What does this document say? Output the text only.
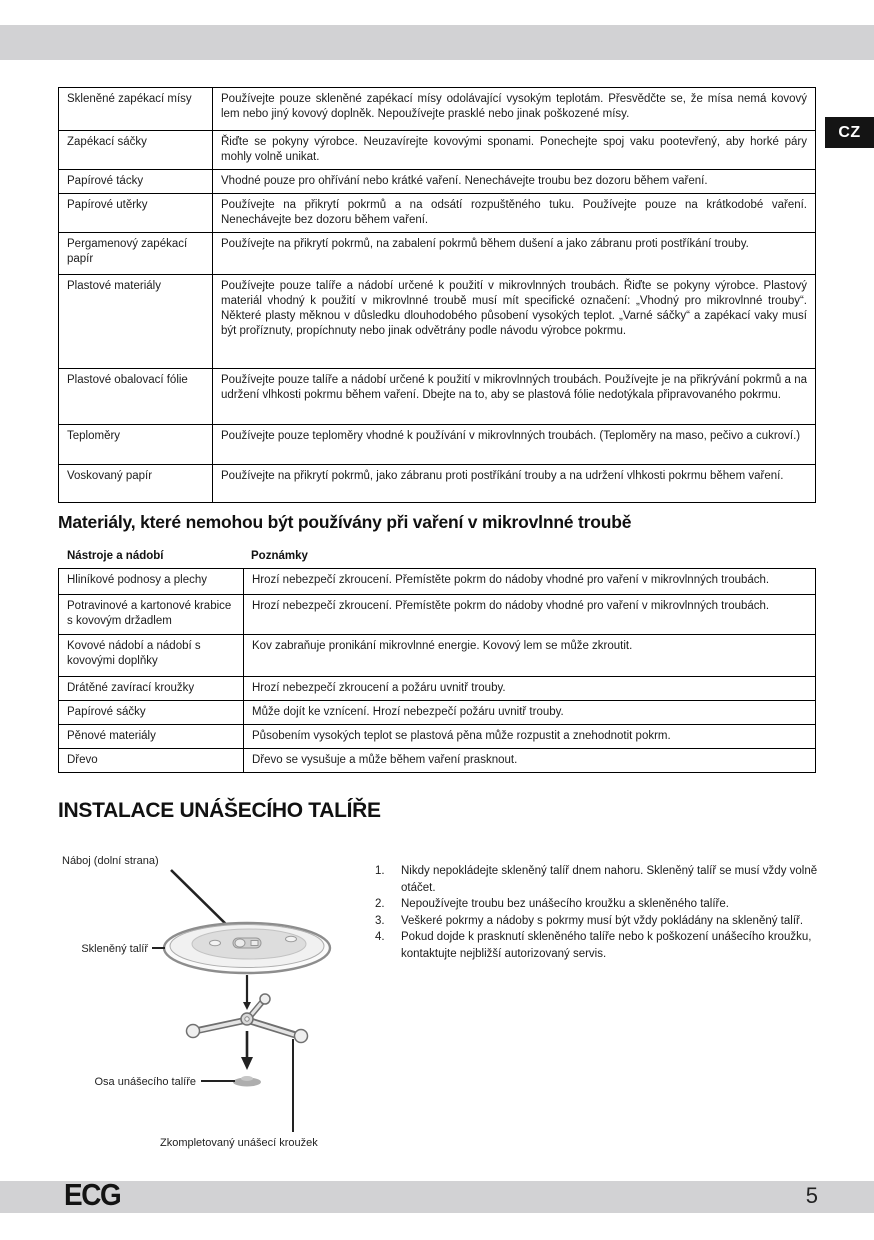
Skleněné zapékací mísy	Používejte pouze skleněné zapékací mísy odolávající vysokým teplotám. Přesvědčte se, že mísa nemá kovový lem nebo jiný kovový doplněk. Nepoužívejte prasklé nebo jinak poškozené mísy.
Zapékací sáčky	Řiďte se pokyny výrobce. Neuzavírejte kovovými sponami. Ponechejte spoj vaku pootevřený, aby horké páry mohly volně unikat.
Papírové tácky	Vhodné pouze pro ohřívání nebo krátké vaření. Nenechávejte troubu bez dozoru během vaření.
Papírové utěrky	Používejte na přikrytí pokrmů a na odsátí rozpuštěného tuku. Používejte pouze na krátkodobé vaření. Nenechávejte bez dozoru během vaření.
Pergamenový zapékací papír	Používejte na přikrytí pokrmů, na zabalení pokrmů během dušení a jako zábranu proti postříkání trouby.
Plastové materiály	Používejte pouze talíře a nádobí určené k použití v mikrovlnných troubách. Řiďte se pokyny výrobce. Plastový materiál vhodný k použití v mikrovlnné troubě musí mít specifické označení: „Vhodný pro mikrovlnné trouby“. Některé plasty měknou v důsledku dlouhodobého působení vysokých teplot. „Varné sáčky“ a zapékací vaky musí být proříznuty, propíchnuty nebo jinak odvětrány podle návodu výrobce pokrmu.
Plastové obalovací fólie	Používejte pouze talíře a nádobí určené k použití v mikrovlnných troubách. Používejte je na přikrývání pokrmů a na udržení vlhkosti pokrmu během vaření. Dbejte na to, aby se plastová fólie nedotýkala připravovaného pokrmu.
Teploměry	Používejte pouze teploměry vhodné k používání v mikrovlnných troubách. (Teploměry na maso, pečivo a cukroví.)
Voskovaný papír	Používejte na přikrytí pokrmů, jako zábranu proti postříkání trouby a na udržení vlhkosti pokrmu během vaření.
CZ
Materiály, které nemohou být používány při vaření v mikrovlnné troubě
Nástroje a nádobí	Poznámky
Hliníkové podnosy a plechy	Hrozí nebezpečí zkroucení. Přemístěte pokrm do nádoby vhodné pro vaření v mikrovlnných troubách.
Potravinové a kartonové krabice s kovovým držadlem	Hrozí nebezpečí zkroucení. Přemístěte pokrm do nádoby vhodné pro vaření v mikrovlnných troubách.
Kovové nádobí a nádobí s kovovými doplňky	Kov zabraňuje pronikání mikrovlnné energie. Kovový lem se může zkroutit.
Drátěné zavírací kroužky	Hrozí nebezpečí zkroucení a požáru uvnitř trouby.
Papírové sáčky	Může dojít ke vznícení. Hrozí nebezpečí požáru uvnitř trouby.
Pěnové materiály	Působením vysokých teplot se plastová pěna může rozpustit a znehodnotit pokrm.
Dřevo	Dřevo se vysušuje a může během vaření prasknout.
INSTALACE UNÁŠECÍHO TALÍŘE
Náboj (dolní strana)
Skleněný talíř
Osa unášecího talíře
Zkompletovaný unášecí kroužek
1.	Nikdy nepokládejte skleněný talíř dnem nahoru. Skleněný talíř se musí vždy volně otáčet.
2.	Nepoužívejte troubu bez unášecího kroužku a skleněného talíře.
3.	Veškeré pokrmy a nádoby s pokrmy musí být vždy pokládány na skleněný talíř.
4.	Pokud dojde k prasknutí skleněného talíře nebo k poškození unášecího kroužku, kontaktujte nejbližší autorizovaný servis.
ECG	5
